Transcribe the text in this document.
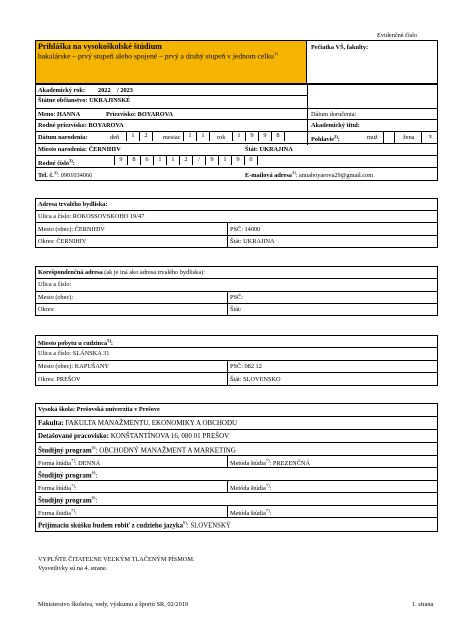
Evidenčné číslo
Prihláška na vysokoškolské štúdium
bakalárske – prvý stupeň alebo spojené – prvý a druhý stupeň v jednom celku$^{1)}$
Pečiatka VŠ, fakulty:
Akademický rok: 2022 / 2023
Štátne občianstvo: UKRAJINSKÉ
Meno: HANNA	Priezvisko: BOYAROVA	Dátum doručenia:
Rodné priezvisko: BOYAROVA	Akademický titul:
Dátum narodenia:	deň	1	2	mesiac	1	1	rok	1	9	9	8
Pohlavie$^{2)}$:	muž	žena	x
Miesto narodenia: ČERNIHIV	Štát: UKRAJINA
Rodné číslo$^{3)}$:
9	8	6	1	1	2	/	9	1	9	0
Tel. č.$^{4)}$: 0901034066	E-mailová adresa$^{4)}$: annaboyarova29@gmail.com
Adresa trvalého bydliska:
Ulica a číslo: ROKOSSOVSKOHO 19/47
Mesto (obec): ČERNIHIV	PSČ: 14000
Okres: ČERNIHIV	Štát: UKRAJINA
Korešpondenčná adresa (ak je iná ako adresa trvalého bydliska):
Ulica a číslo:
Mesto (obec):	PSČ:
Okres:	Štát:
Miesto pobytu u cudzinca$^{5)}$:
Ulica a číslo: SLÁNSKA 31
Mesto (obec): KAPUŠANY	PSČ: 082 12
Okres: PREŠOV	Štát: SLOVENSKO
Vysoká škola: Prešovská univerzita v Prešove
Fakulta: FAKULTA MANAŽMENTU, EKONOMIKY A OBCHODU
Detašované pracovisko: KONŠTANTÍNOVA 16, 080 01 PREŠOV
Študijný program$^{6)}$: OBCHODNÝ MANAŽMENT A MARKETING
Forma štúdia$^{7)}$: DENNÁ	Metóda štúdia$^{7)}$: PREZENČNÁ
Študijný program$^{6)}$:
Forma štúdia$^{7)}$:	Metóda štúdia$^{7)}$:
Študijný program$^{6)}$:
Forma štúdia$^{7)}$:	Metóda štúdia$^{7)}$:
Prijímaciu skúšku budem robiť z cudzieho jazyka$^{6)}$: SLOVENSKÝ
VYPLŇTE ČITATEĽNE VEĽKÝM TLAČENÝM PÍSMOM.
Vysvetlivky sú na 4. strane.
Ministerstvo školstva, vedy, výskumu a športu SR, 02/2019	1. strana
